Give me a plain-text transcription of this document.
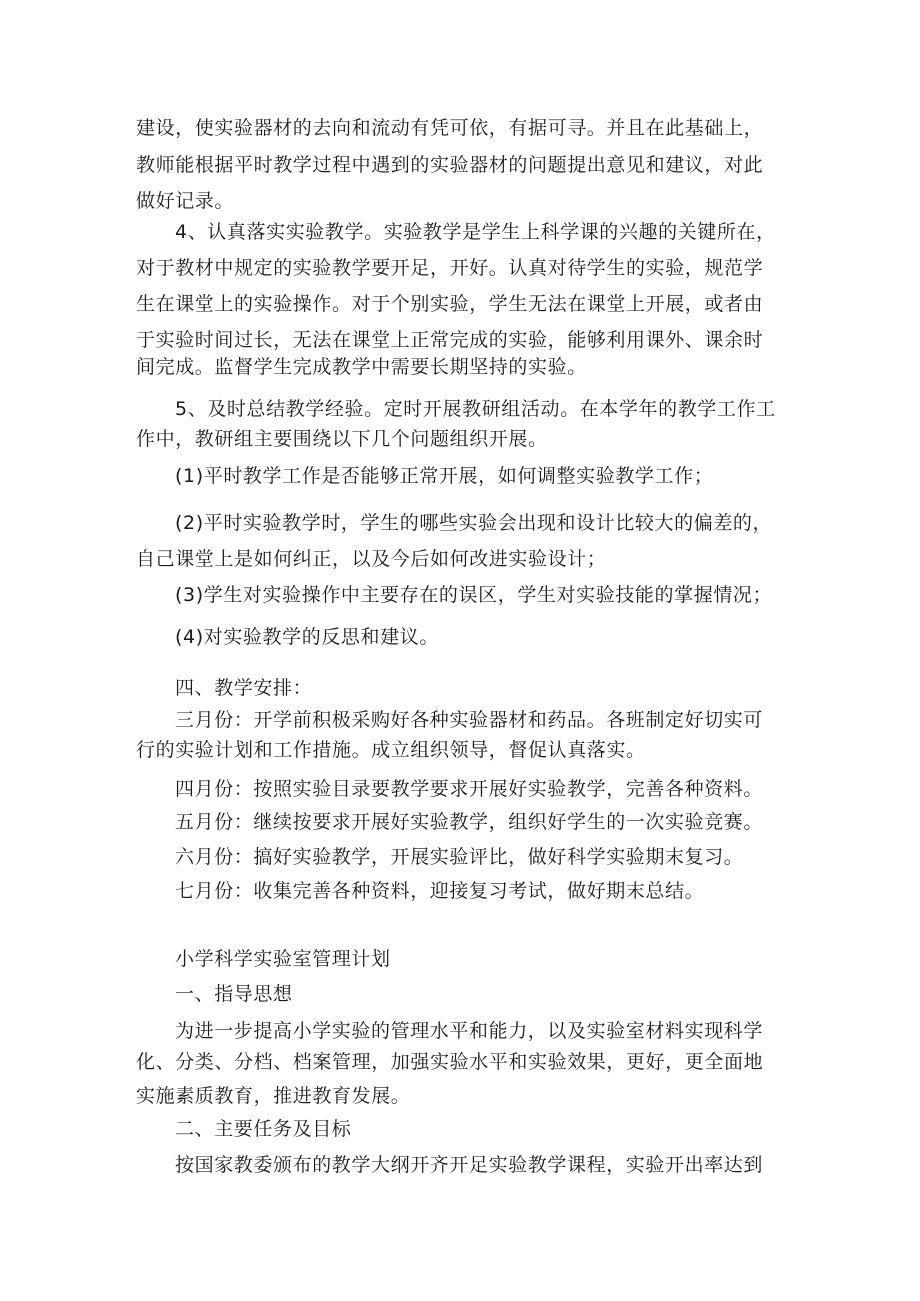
建设，使实验器材的去向和流动有凭可依，有据可寻。并且在此基础上，
教师能根据平时教学过程中遇到的实验器材的问题提出意见和建议，对此
做好记录。
4、认真落实实验教学。实验教学是学生上科学课的兴趣的关键所在，
对于教材中规定的实验教学要开足，开好。认真对待学生的实验，规范学
生在课堂上的实验操作。对于个别实验，学生无法在课堂上开展，或者由
于实验时间过长，无法在课堂上正常完成的实验，能够利用课外、课余时
间完成。监督学生完成教学中需要长期坚持的实验。
5、及时总结教学经验。定时开展教研组活动。在本学年的教学工作工
作中，教研组主要围绕以下几个问题组织开展。
(1)平时教学工作是否能够正常开展，如何调整实验教学工作；
(2)平时实验教学时，学生的哪些实验会出现和设计比较大的偏差的，
自己课堂上是如何纠正，以及今后如何改进实验设计；
(3)学生对实验操作中主要存在的误区，学生对实验技能的掌握情况；
(4)对实验教学的反思和建议。
四、教学安排：
三月份：开学前积极采购好各种实验器材和药品。各班制定好切实可
行的实验计划和工作措施。成立组织领导，督促认真落实。
四月份：按照实验目录要教学要求开展好实验教学，完善各种资料。
五月份：继续按要求开展好实验教学，组织好学生的一次实验竞赛。
六月份：搞好实验教学，开展实验评比，做好科学实验期末复习。
七月份：收集完善各种资料，迎接复习考试，做好期末总结。
小学科学实验室管理计划
一、指导思想
为进一步提高小学实验的管理水平和能力，以及实验室材料实现科学
化、分类、分档、档案管理，加强实验水平和实验效果，更好，更全面地
实施素质教育，推进教育发展。
二、主要任务及目标
按国家教委颁布的教学大纲开齐开足实验教学课程，实验开出率达到
